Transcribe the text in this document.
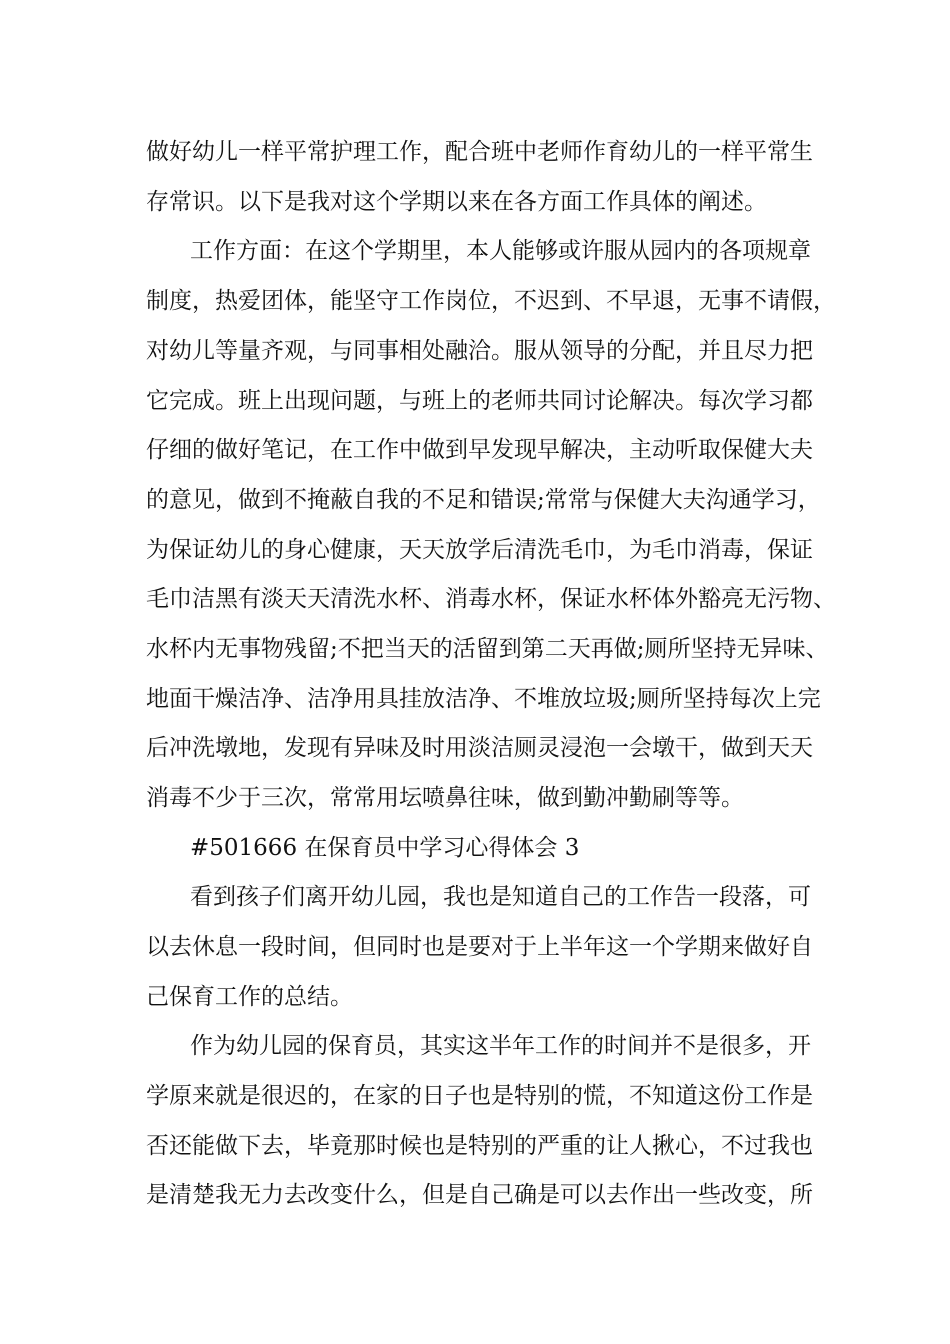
做好幼儿一样平常护理工作，配合班中老师作育幼儿的一样平常生
存常识。以下是我对这个学期以来在各方面工作具体的阐述。
工作方面：在这个学期里，本人能够或许服从园内的各项规章
制度，热爱团体，能坚守工作岗位，不迟到、不早退，无事不请假，
对幼儿等量齐观，与同事相处融洽。服从领导的分配，并且尽力把
它完成。班上出现问题，与班上的老师共同讨论解决。每次学习都
仔细的做好笔记，在工作中做到早发现早解决，主动听取保健大夫
的意见，做到不掩蔽自我的不足和错误;常常与保健大夫沟通学习，
为保证幼儿的身心健康，天天放学后清洗毛巾，为毛巾消毒，保证
毛巾洁黑有淡天天清洗水杯、消毒水杯，保证水杯体外豁亮无污物、
水杯内无事物残留;不把当天的活留到第二天再做;厕所坚持无异味、
地面干燥洁净、洁净用具挂放洁净、不堆放垃圾;厕所坚持每次上完
后冲洗墩地，发现有异味及时用淡洁厕灵浸泡一会墩干，做到天天
消毒不少于三次，常常用坛喷鼻往味，做到勤冲勤刷等等。
#501666 在保育员中学习心得体会 3
看到孩子们离开幼儿园，我也是知道自己的工作告一段落，可
以去休息一段时间，但同时也是要对于上半年这一个学期来做好自
己保育工作的总结。
作为幼儿园的保育员，其实这半年工作的时间并不是很多，开
学原来就是很迟的，在家的日子也是特别的慌，不知道这份工作是
否还能做下去，毕竟那时候也是特别的严重的让人揪心，不过我也
是清楚我无力去改变什么，但是自己确是可以去作出一些改变，所
